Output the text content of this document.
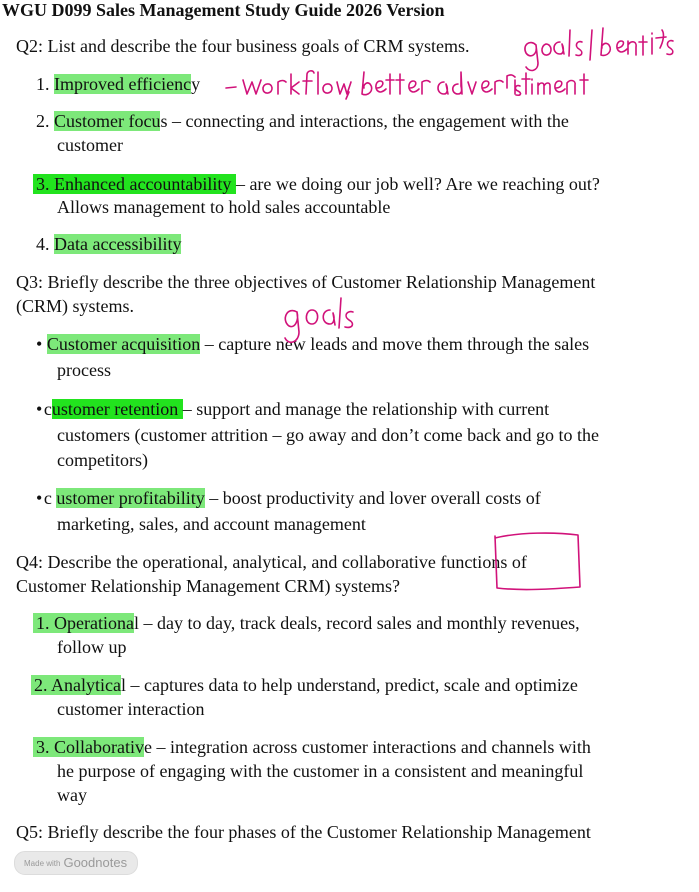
WGU D099 Sales Management Study Guide 2026 Version
Q2: List and describe the four business goals of CRM systems.
1. Improved efficiency
2. Customer focus – connecting and interactions, the engagement with the
customer
3. Enhanced accountability – are we doing our job well? Are we reaching out?
Allows management to hold sales accountable
4. Data accessibility
Q3: Briefly describe the three objectives of Customer Relationship Management
(CRM) systems.
• Customer acquisition – capture new leads and move them through the sales
process
• customer retention – support and manage the relationship with current
customers (customer attrition – go away and don’t come back and go to the
competitors)
• c ustomer profitability – boost productivity and lover overall costs of
marketing, sales, and account management
Q4: Describe the operational, analytical, and collaborative functions of
Customer Relationship Management CRM) systems?
1. Operational – day to day, track deals, record sales and monthly revenues,
follow up
2. Analytical – captures data to help understand, predict, scale and optimize
customer interaction
3. Collaborative – integration across customer interactions and channels with
he purpose of engaging with the customer in a consistent and meaningful
way
Q5: Briefly describe the four phases of the Customer Relationship Management
Made with Goodnotes
